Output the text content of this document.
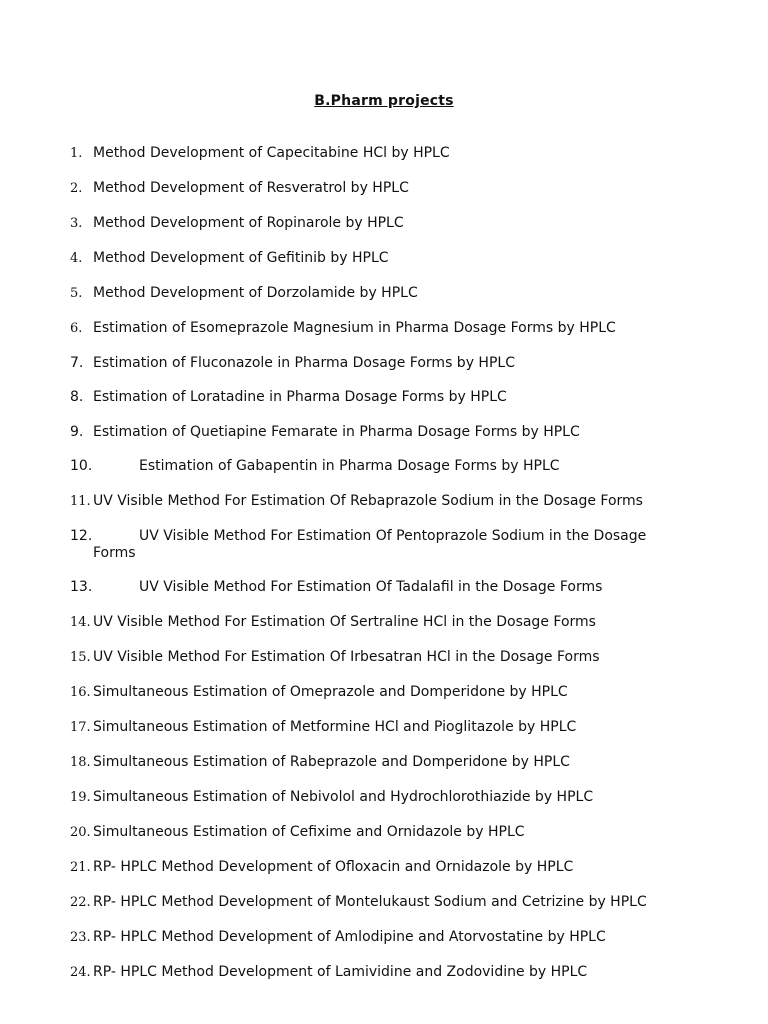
B.Pharm projects
1. Method Development of Capecitabine HCl by HPLC
2. Method Development of Resveratrol by HPLC
3. Method Development of Ropinarole by HPLC
4. Method Development of Gefitinib by HPLC
5. Method Development of Dorzolamide by HPLC
6. Estimation of Esomeprazole Magnesium in Pharma Dosage Forms by HPLC
7. Estimation of Fluconazole in Pharma Dosage Forms by HPLC
8. Estimation of Loratadine in Pharma Dosage Forms by HPLC
9. Estimation of Quetiapine Femarate in Pharma Dosage Forms by HPLC
10.	Estimation of Gabapentin in Pharma Dosage Forms by HPLC
11. UV Visible Method For Estimation Of Rebaprazole Sodium in the Dosage Forms
12.	UV Visible Method For Estimation Of Pentoprazole Sodium in the Dosage
Forms
13.	UV Visible Method For Estimation Of Tadalafil in the Dosage Forms
14. UV Visible Method For Estimation Of Sertraline HCl in the Dosage Forms
15. UV Visible Method For Estimation Of Irbesatran HCl in the Dosage Forms
16. Simultaneous Estimation of Omeprazole and Domperidone by HPLC
17. Simultaneous Estimation of Metformine HCl and Pioglitazole by HPLC
18. Simultaneous Estimation of Rabeprazole and Domperidone by HPLC
19. Simultaneous Estimation of Nebivolol and Hydrochlorothiazide by HPLC
20. Simultaneous Estimation of Cefixime and Ornidazole by HPLC
21. RP- HPLC Method Development of Ofloxacin and Ornidazole by HPLC
22. RP- HPLC Method Development of Montelukaust Sodium and Cetrizine by HPLC
23. RP- HPLC Method Development of Amlodipine and Atorvostatine by HPLC
24. RP- HPLC Method Development of Lamividine and Zodovidine by HPLC
